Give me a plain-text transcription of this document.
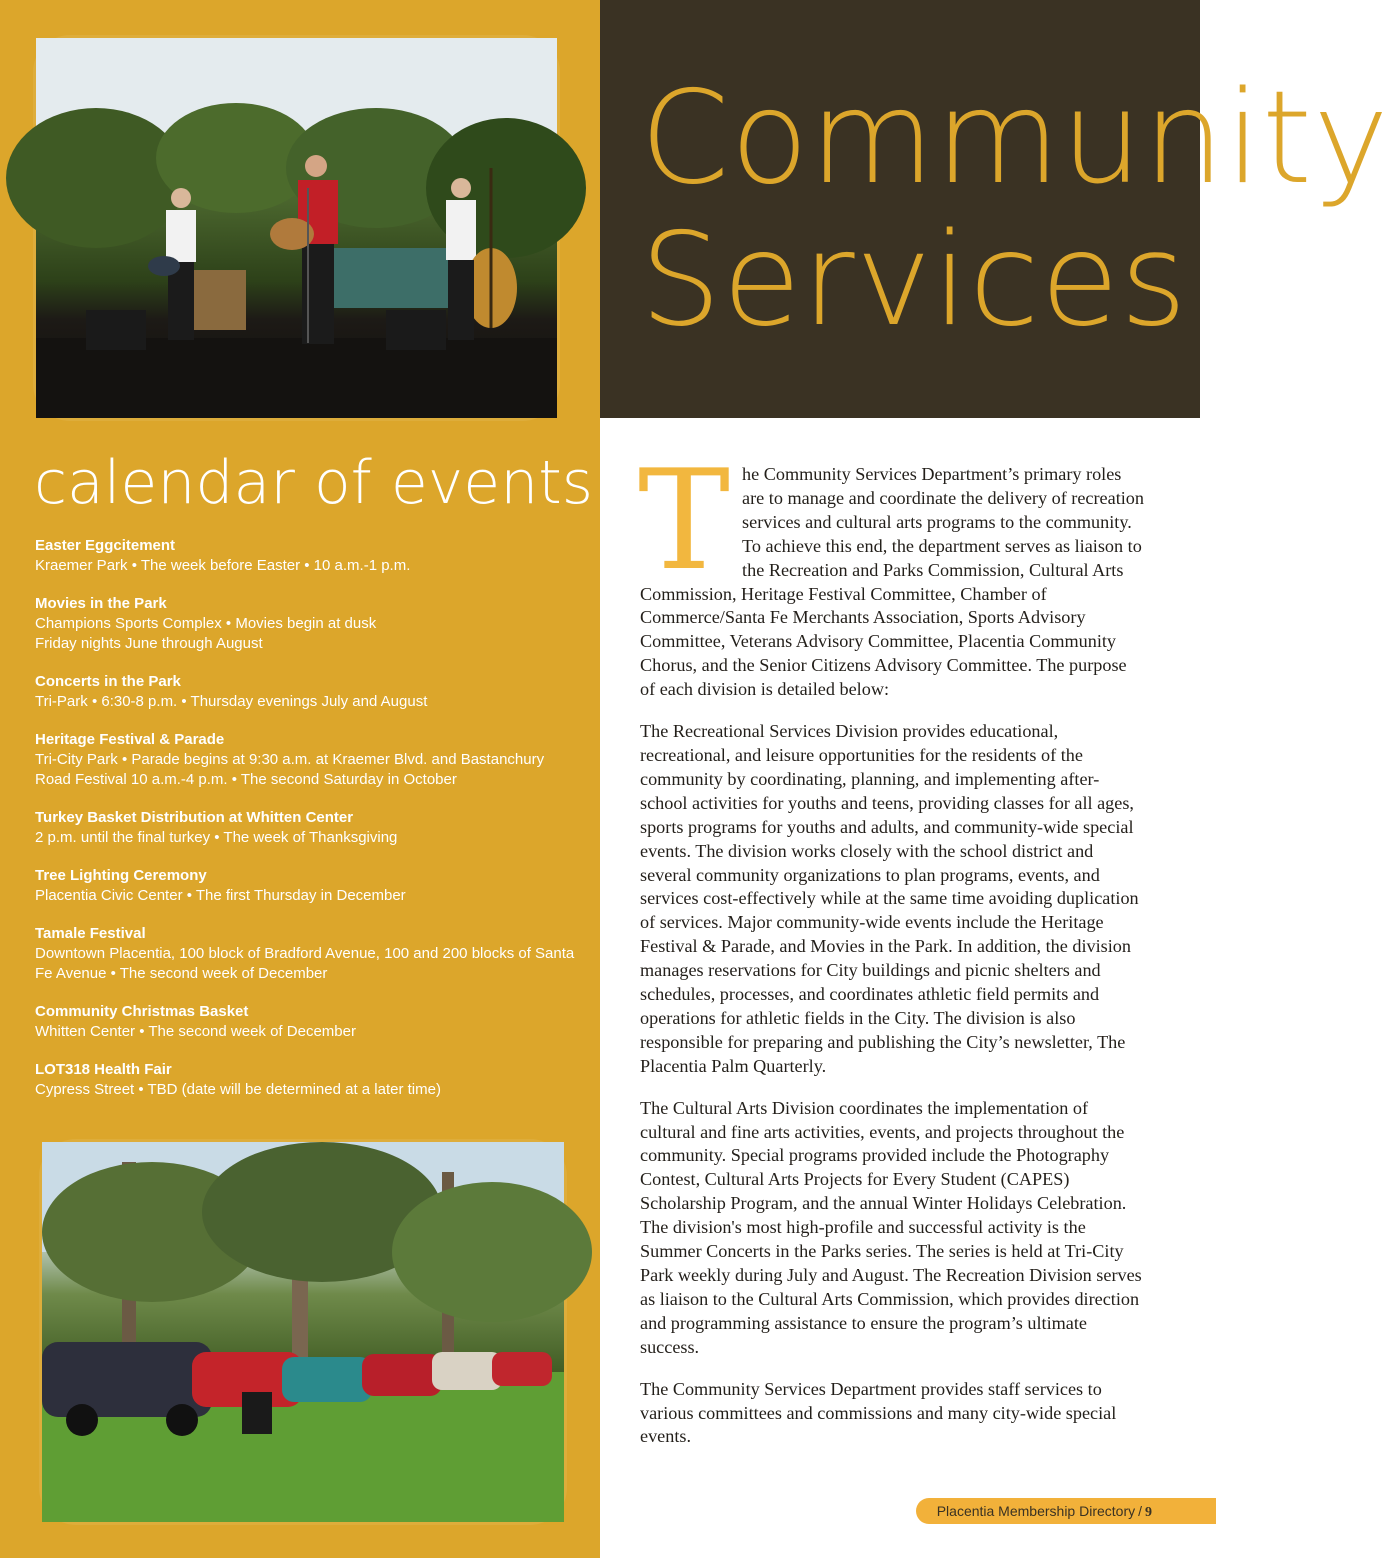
Community
Services
calendar of events
Easter Eggcitement
Kraemer Park • The week before Easter • 10 a.m.-1 p.m.
Movies in the Park
Champions Sports Complex • Movies begin at dusk
Friday nights June through August
Concerts in the Park
Tri-Park • 6:30-8 p.m. • Thursday evenings July and August
Heritage Festival & Parade
Tri-City Park • Parade begins at 9:30 a.m. at Kraemer Blvd. and Bastanchury
Road Festival 10 a.m.-4 p.m. • The second Saturday in October
Turkey Basket Distribution at Whitten Center
2 p.m. until the final turkey • The week of Thanksgiving
Tree Lighting Ceremony
Placentia Civic Center • The first Thursday in December
Tamale Festival
Downtown Placentia, 100 block of Bradford Avenue, 100 and 200 blocks of Santa
Fe Avenue • The second week of December
Community Christmas Basket
Whitten Center • The second week of December
LOT318 Health Fair
Cypress Street • TBD (date will be determined at a later time)

The Community Services Department’s primary roles are to manage and coordinate the delivery of recreation services and cultural arts programs to the community. To achieve this end, the department serves as liaison to the Recreation and Parks Commission, Cultural Arts Commission, Heritage Festival Committee, Chamber of Commerce/Santa Fe Merchants Association, Sports Advisory Committee, Veterans Advisory Committee, Placentia Community Chorus, and the Senior Citizens Advisory Committee. The purpose of each division is detailed below:

The Recreational Services Division provides educational, recreational, and leisure opportunities for the residents of the community by coordinating, planning, and implementing after-school activities for youths and teens, providing classes for all ages, sports programs for youths and adults, and community-wide special events. The division works closely with the school district and several community organizations to plan programs, events, and services cost-effectively while at the same time avoiding duplication of services. Major community-wide events include the Heritage Festival & Parade, and Movies in the Park. In addition, the division manages reservations for City buildings and picnic shelters and schedules, processes, and coordinates athletic field permits and operations for athletic fields in the City. The division is also responsible for preparing and publishing the City’s newsletter, The Placentia Palm Quarterly.

The Cultural Arts Division coordinates the implementation of cultural and fine arts activities, events, and projects throughout the community. Special programs provided include the Photography Contest, Cultural Arts Projects for Every Student (CAPES) Scholarship Program, and the annual Winter Holidays Celebration. The division's most high-profile and successful activity is the Summer Concerts in the Parks series. The series is held at Tri-City Park weekly during July and August. The Recreation Division serves as liaison to the Cultural Arts Commission, which provides direction and programming assistance to ensure the program’s ultimate success.

The Community Services Department provides staff services to various committees and commissions and many city-wide special events.

Placentia Membership Directory / 9
